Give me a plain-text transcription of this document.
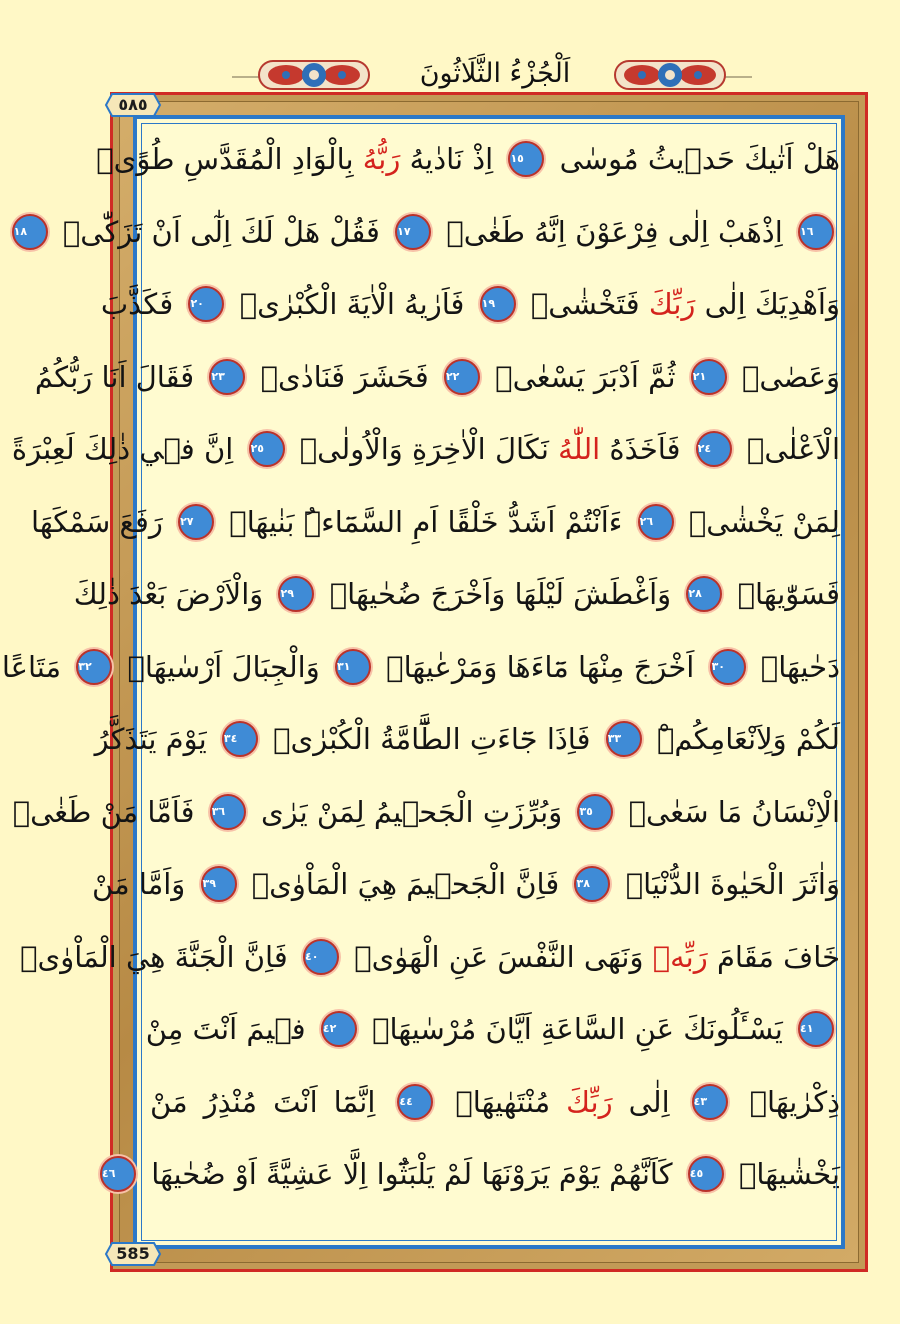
اَلْجُزْءُ الثَّلَاثُونَ
٥٨٥
585
هَلْ اَتٰيكَ حَدٖيثُ مُوسٰى ١٥ اِذْ نَادٰيهُ رَبُّهُ بِالْوَادِ الْمُقَدَّسِ طُوًىۚ
١٦ اِذْهَبْ اِلٰى فِرْعَوْنَ اِنَّهُ طَغٰىۘ ١٧ فَقُلْ هَلْ لَكَ اِلٰٓى اَنْ تَزَكّٰىۙ ١٨
وَاَهْدِيَكَ اِلٰى رَبِّكَ فَتَخْشٰىۚ ١٩ فَاَرٰيهُ الْاٰيَةَ الْكُبْرٰىۘ ٢٠ فَكَذَّبَ
وَعَصٰىۘ ٢١ ثُمَّ اَدْبَرَ يَسْعٰىۘ ٢٢ فَحَشَرَ فَنَادٰىۘ ٢٣ فَقَالَ اَنَا رَبُّكُمُ
الْاَعْلٰىۘ ٢٤ فَاَخَذَهُ اللّٰهُ نَكَالَ الْاٰخِرَةِ وَالْاُولٰىۜ ٢٥ اِنَّ فٖي ذٰلِكَ لَعِبْرَةً
لِمَنْ يَخْشٰىۜ ٢٦ ءَاَنْتُمْ اَشَدُّ خَلْقًا اَمِ السَّمَٓاءُۜ بَنٰيهَاۜ ٢٧ رَفَعَ سَمْكَهَا
فَسَوّٰيهَاۙ ٢٨ وَاَغْطَشَ لَيْلَهَا وَاَخْرَجَ ضُحٰيهَاۖ ٢٩ وَالْاَرْضَ بَعْدَ ذٰلِكَ
دَحٰيهَاۜ ٣٠ اَخْرَجَ مِنْهَا مَٓاءَهَا وَمَرْعٰيهَاۖ ٣١ وَالْجِبَالَ اَرْسٰيهَاۙ ٣٢ مَتَاعًا
لَكُمْ وَلِاَنْعَامِكُمْۜ ٣٣ فَاِذَا جَٓاءَتِ الطَّٓامَّةُ الْكُبْرٰىۘ ٣٤ يَوْمَ يَتَذَكَّرُ
الْاِنْسَانُ مَا سَعٰىۙ ٣٥ وَبُرِّزَتِ الْجَحٖيمُ لِمَنْ يَرٰى ٣٦ فَاَمَّا مَنْ طَغٰىۙ
وَاٰثَرَ الْحَيٰوةَ الدُّنْيَاۙ ٣٨ فَاِنَّ الْجَحٖيمَ هِيَ الْمَاْوٰىۜ ٣٩ وَاَمَّا مَنْ
خَافَ مَقَامَ رَبِّهٖ وَنَهَى النَّفْسَ عَنِ الْهَوٰىۙ ٤٠ فَاِنَّ الْجَنَّةَ هِيَ الْمَاْوٰىۜ
٤١ يَسْـَٔلُونَكَ عَنِ السَّاعَةِ اَيَّانَ مُرْسٰيهَاۜ ٤٢ فٖيمَ اَنْتَ مِنْ
ذِكْرٰيهَاۜ ٤٣ اِلٰى رَبِّكَ مُنْتَهٰيهَاۜ ٤٤ اِنَّمَٓا اَنْتَ مُنْذِرُ مَنْ
يَخْشٰيهَاۜ ٤٥ كَاَنَّهُمْ يَوْمَ يَرَوْنَهَا لَمْ يَلْبَثُٓوا اِلَّا عَشِيَّةً اَوْ ضُحٰيهَا ٤٦
